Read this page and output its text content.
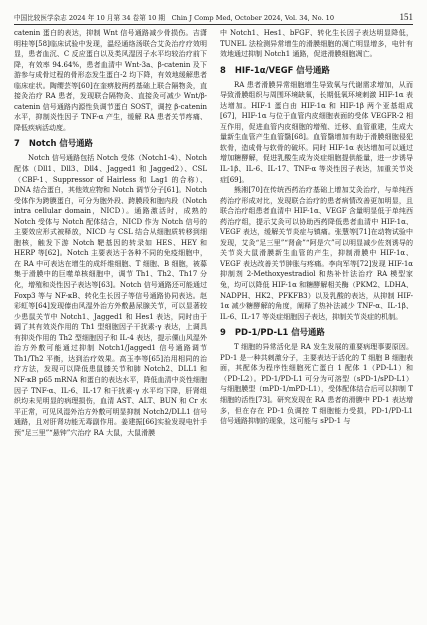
中国比较医学杂志 2024 年 10 月第 34 卷第 10 期　Chin J Comp Med, October 2024, Vol. 34, No. 10	151

catenin 蛋白的表达，抑制 Wnt 信号通路减少骨损伤。吉潇明桂等[58]临床试验中发现，温经通络汤联合艾灸治疗疗效明显，患者血沉、C 反应蛋白以及类风湿因子水平均较治疗前下降，有效率 94.64%，患者血清中 Wnt-3a、β-catenin 及下游参与成骨过程的骨形态发生蛋白-2 均下降，有效地缓解患者临床症状。陶缨芸等[60]在奎痹胶两药基础上联合隔物灸，直接灸治疗 RA 患者，发现联合隔物灸、直接灸可减少 Wnt/β-catenin 信号通路内源性负调节蛋白 SOST，调控 β-catenin 水平，抑制炎性因子 TNF-α 产生，缓解 RA 患者关节疼痛、降低疾病活动度。

7 Notch 信号通路

Notch 信号通路包括 Notch 受体（Notch1-4）、Notch 配体（Dll1、Dll3、Dll4、Jagged1 和 Jagged2）、CSL（CBF-1、Suppressor of Hairless 和 Lag1 的合称）、DNA 结合蛋白，其他效应物和 Notch 调节分子[61]。Notch 受体作为跨膜蛋白，可分为胞外段、跨膜段和胞内段（Notch intra cellular domain，NICD）。通路激活时，成熟的 Notch 受体与 Notch 配体结合，NICD 作为 Notch 信号的主要效应形式被释放，NICD 与 CSL 结合从细胞质转移到细胞核，触发下游 Notch 靶基因的转录如 HES、HEY 和 HERP 等[62]。Notch 主要表达于各种不同的免疫细胞中，在 RA 中可表达在增生的成纤维细胞、T 细胞、B 细胞，被募集于滑膜中的巨噬单核细胞中，调节 Th1、Th2、Th17 分化，增殖和炎性因子表达等[63]。Notch 信号通路还可能通过 Foxp3 等与 NF-κB、转化生长因子等信号通路协同表达。赵彩虹等[64]发现傣由风湿外治方外敷悬尿腺关节，可以显著较少患鼠关节中 Notch1、Jagged1 和 Hes1 表达，同时由于调了其有效炎作用的 Th1 型细胞因子干扰素-γ 表达，上调具有抑炎作用的 Th2 型细胞因子和 IL-4 表达，提示傈山风湿外治方外敷可能通过抑制 Notch1/Jagged1 信号通路调节 Th1/Th2 平衡，达到治疗效果。高玉李等[65]治用相同的治疗方法，发现可以降低患鼠膝关节和肺 Notch2、DLL1 和 NF-κB p65 mRNA 和蛋白的表达水平，降低血清中炎性细胞因子 TNF-α、IL-6、IL-17 和干扰素-γ 水平均下降，肝肾组织均未见明显的病理损伤，血清 AST、ALT、BUN 和 Cr 水平正常，可见风湿外治方外敷可明显抑制 Notch2/DLL1 信号通路，且对肝肾功能无毒副作用。姜建振[66]实验发现电针手预“足三里”“悬钟”穴治疗 RA 大鼠，大鼠滑膜

中 Notch1、Hes1、bFGF、转化生长因子表达明显降低，TUNEL 法检测异常增生的滑膜细胞的凋亡明显增多，电针有效地通过抑制 Notch1 通路，促进滑膜细胞凋亡。

8 HIF-1α/VEGF 信号通路

RA 患者滑膜异常细胞增生导致氧与代谢需求增加，从而导致滑膜组织与周围环境缺氧，长期低氧环境刺激 HIF-1α 表达增加。HIF-1 蛋白由 HIF-1α 和 HIF-1β 两个亚基组成[67]，HIF-1α 与位于血管内皮细胞表面的受体 VEGFR-2 相互作用，促进血管内皮细胞的增殖、迁移、血管重建，生成大量新生血管产生血管翳[68]。血管翳增加有助于滑膜细胞侵犯软骨，造成骨与软骨的破坏。同时 HIF-1α 表达增加可以通过增加糖酵解，促进乳酸生成为炎症细胞提供能量，进一步诱导 IL-1β、IL-6、IL-17、TNF-α 等炎性因子表达，加重关节炎症[69]。

熊湘[70]在传统西药治疗基础上增加艾灸治疗，与单纯西药治疗形成对比，发现联合治疗的患者病情改善更加明显，且联合治疗组患者血清中 HIF-1α、VEGF 含量明显低于单纯西药治疗组，提示艾灸可以协助西药降低患者血清中 HIF-1α、VEGF 表达，缓解关节炎症与镇痛。张慧等[71]在动物试验中发现，艾灸“足三里”“肾俞”“阿是穴”可以明显减少佐剂诱导的关节炎大鼠滑膜新生血管的产生，抑制滑膜中 HIF-1α、VEGF 表达改善关节肿胀与疼痛。李向军等[72]发现 HIF-1α 抑制剂 2-Methoxyestradiol 和热补针法治疗 RA 模型家兔，均可以降低 HIF-1α 和糖酵解相关酶（PKM2、LDHA、NADPH、HK2、PFKFB3）以及乳酸的表达，从抑制 HIF-1α 减少糖酵解的角度，阐释了热补法减少 TNF-α、IL-1β、IL-6、IL-17 等炎症细胞因子表达，抑制关节炎症的机制。

9 PD-1/PD-L1 信号通路

T 细胞的异常活化是 RA 发生发展的重要病理事要原因。PD-1 是一种共刺激分子，主要表达于活化的 T 细胞 B 细胞表面，其配体为程序性细胞死亡蛋白 1 配体 1（PD-L1）和（PD-L2）。PD-1/PD-L1 可分为可溶型（sPD-1/sPD-L1）与细胞膜型（mPD-1/mPD-L1），受体配体结合后可以抑制 T 细胞的活性[73]。研究发现在 RA 患者的滑膜中 PD-1 表达增多，但在存在 PD-1 负调控 T 细胞能力受损，PD-1/PD-L1 信号通路抑制的现象，这可能与 sPD-1 与
